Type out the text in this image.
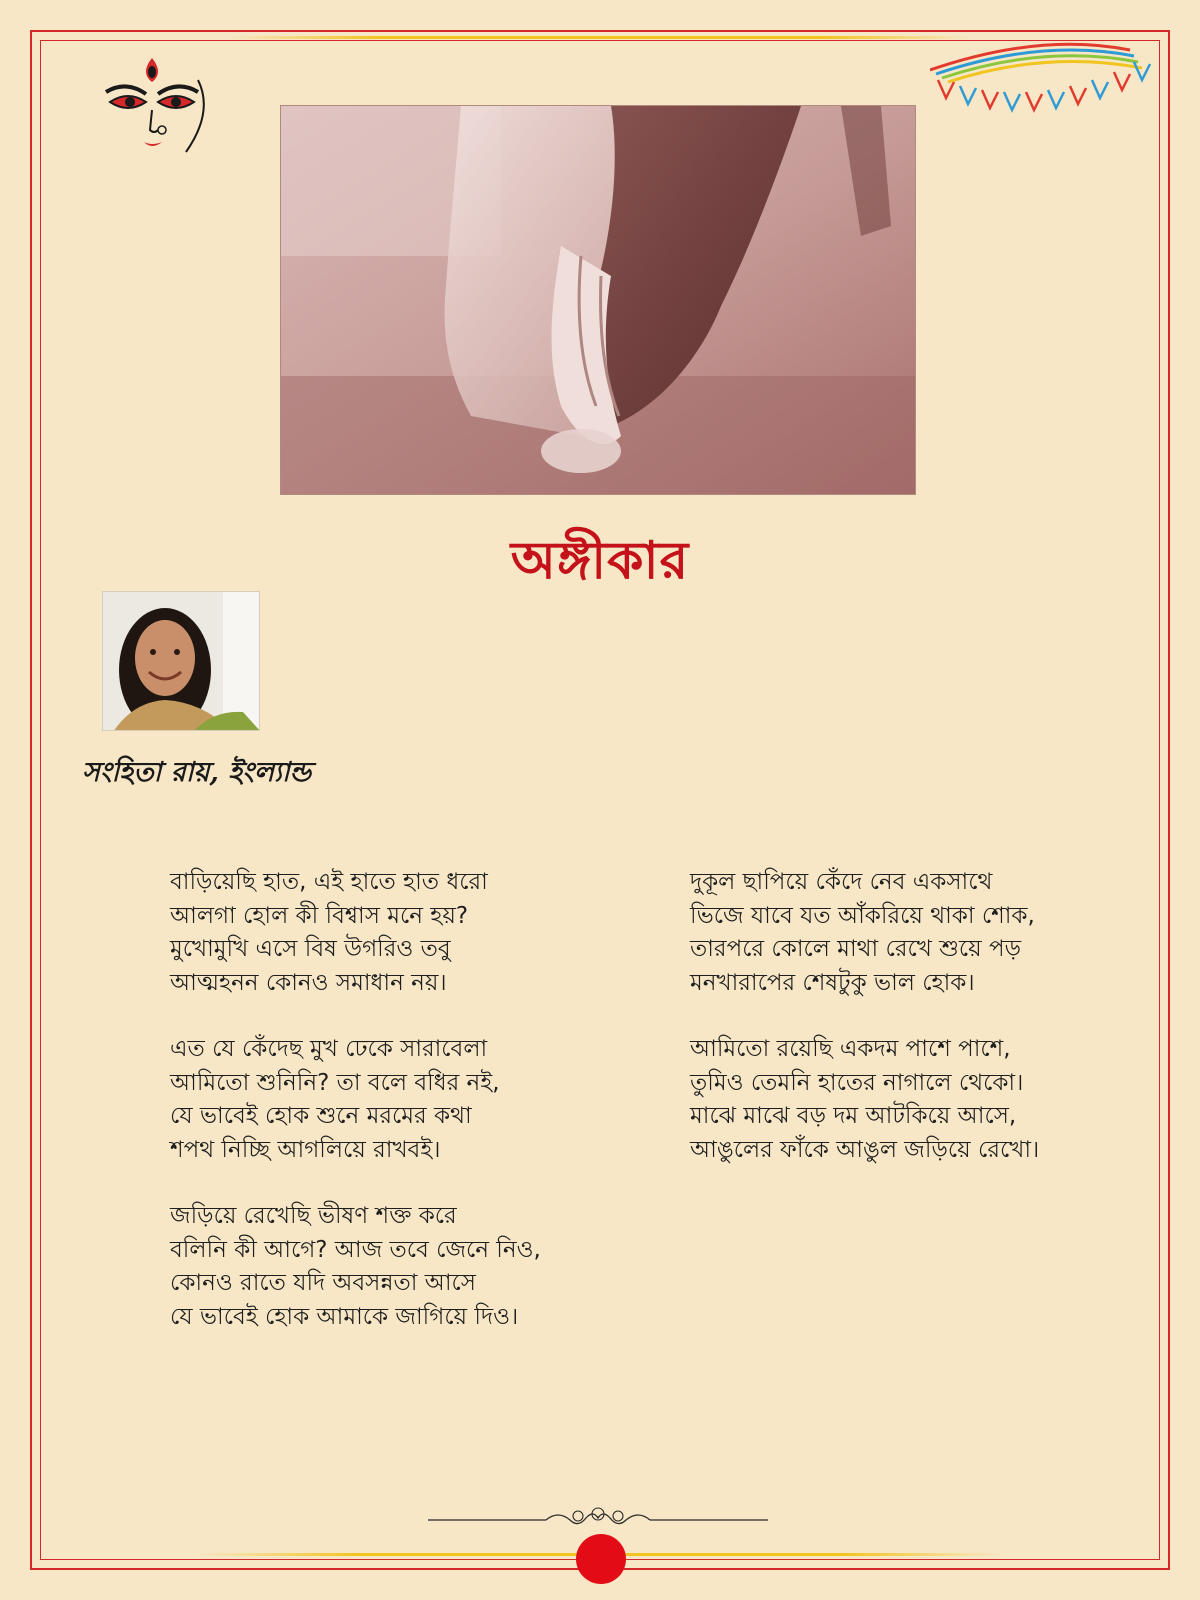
অঙ্গীকার
সংহিতা রায়, ইংল্যান্ড
বাড়িয়েছি হাত, এই হাতে হাত ধরো
আলগা হোল কী বিশ্বাস মনে হয়?
মুখোমুখি এসে বিষ উগরিও তবু
আত্মহনন কোনও সমাধান নয়।
এত যে কেঁদেছ মুখ ঢেকে সারাবেলা
আমিতো শুনিনি? তা বলে বধির নই,
যে ভাবেই হোক শুনে মরমের কথা
শপথ নিচ্ছি আগলিয়ে রাখবই।
জড়িয়ে রেখেছি ভীষণ শক্ত করে
বলিনি কী আগে? আজ তবে জেনে নিও,
কোনও রাতে যদি অবসন্নতা আসে
যে ভাবেই হোক আমাকে জাগিয়ে দিও।
দুকূল ছাপিয়ে কেঁদে নেব একসাথে
ভিজে যাবে যত আঁকরিয়ে থাকা শোক,
তারপরে কোলে মাথা রেখে শুয়ে পড়
মনখারাপের শেষটুকু ভাল হোক।
আমিতো রয়েছি একদম পাশে পাশে,
তুমিও তেমনি হাতের নাগালে থেকো।
মাঝে মাঝে বড় দম আটকিয়ে আসে,
আঙুলের ফাঁকে আঙুল জড়িয়ে রেখো।
